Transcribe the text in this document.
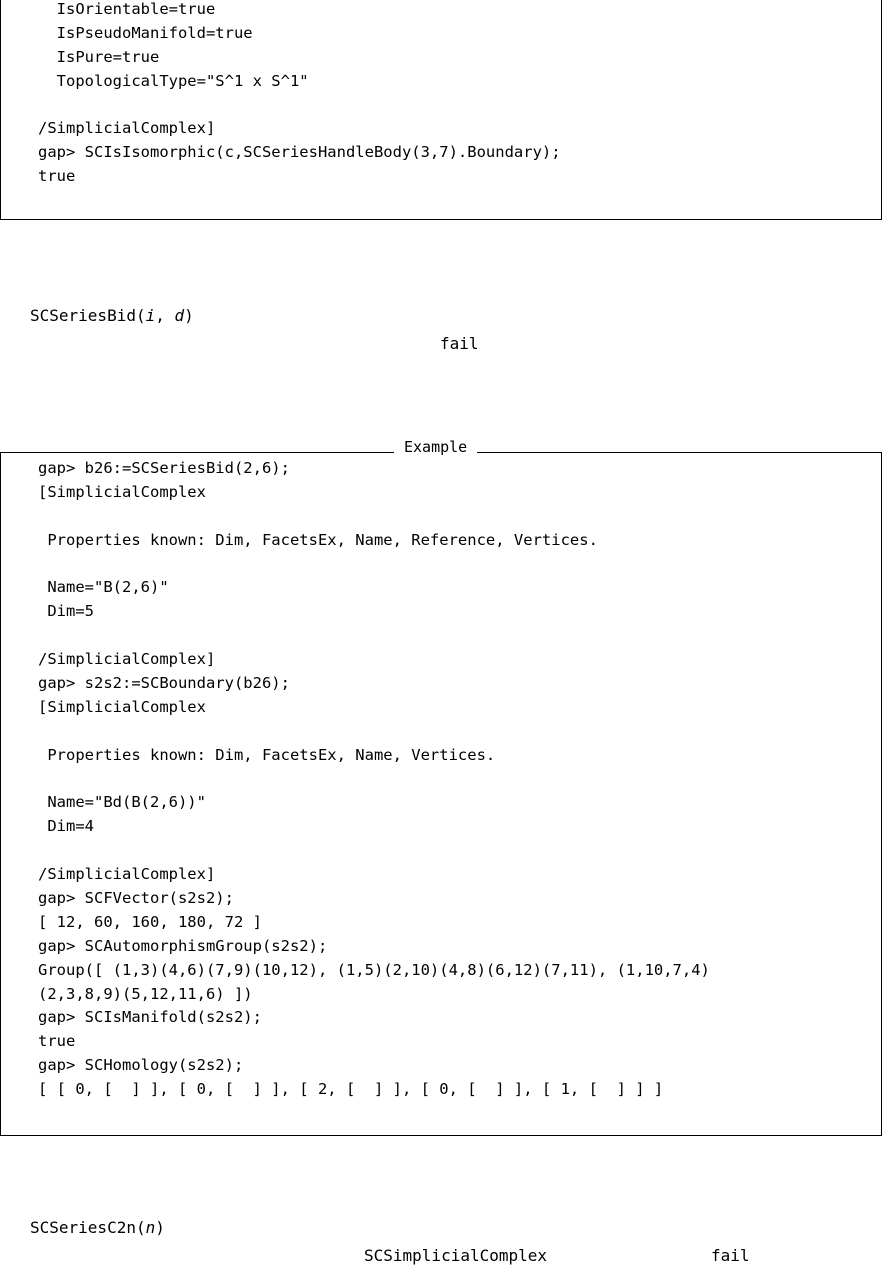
IsOrientable=true
IsPseudoManifold=true
IsPure=true
TopologicalType="S^1 x S^1"
/SimplicialComplex]
gap> SCIsIsomorphic(c,SCSeriesHandleBody(3,7).Boundary);
true
SCSeriesBid(i, d)
fail
Example
gap> b26:=SCSeriesBid(2,6);
[SimplicialComplex
Properties known: Dim, FacetsEx, Name, Reference, Vertices.
Name="B(2,6)"
Dim=5
/SimplicialComplex]
gap> s2s2:=SCBoundary(b26);
[SimplicialComplex
Properties known: Dim, FacetsEx, Name, Vertices.
Name="Bd(B(2,6))"
Dim=4
/SimplicialComplex]
gap> SCFVector(s2s2);
[ 12, 60, 160, 180, 72 ]
gap> SCAutomorphismGroup(s2s2);
Group([ (1,3)(4,6)(7,9)(10,12), (1,5)(2,10)(4,8)(6,12)(7,11), (1,10,7,4)
(2,3,8,9)(5,12,11,6) ])
gap> SCIsManifold(s2s2);
true
gap> SCHomology(s2s2);
[ [ 0, [  ] ], [ 0, [  ] ], [ 2, [  ] ], [ 0, [  ] ], [ 1, [  ] ] ]
SCSeriesC2n(n)
SCSimplicialComplex	fail
